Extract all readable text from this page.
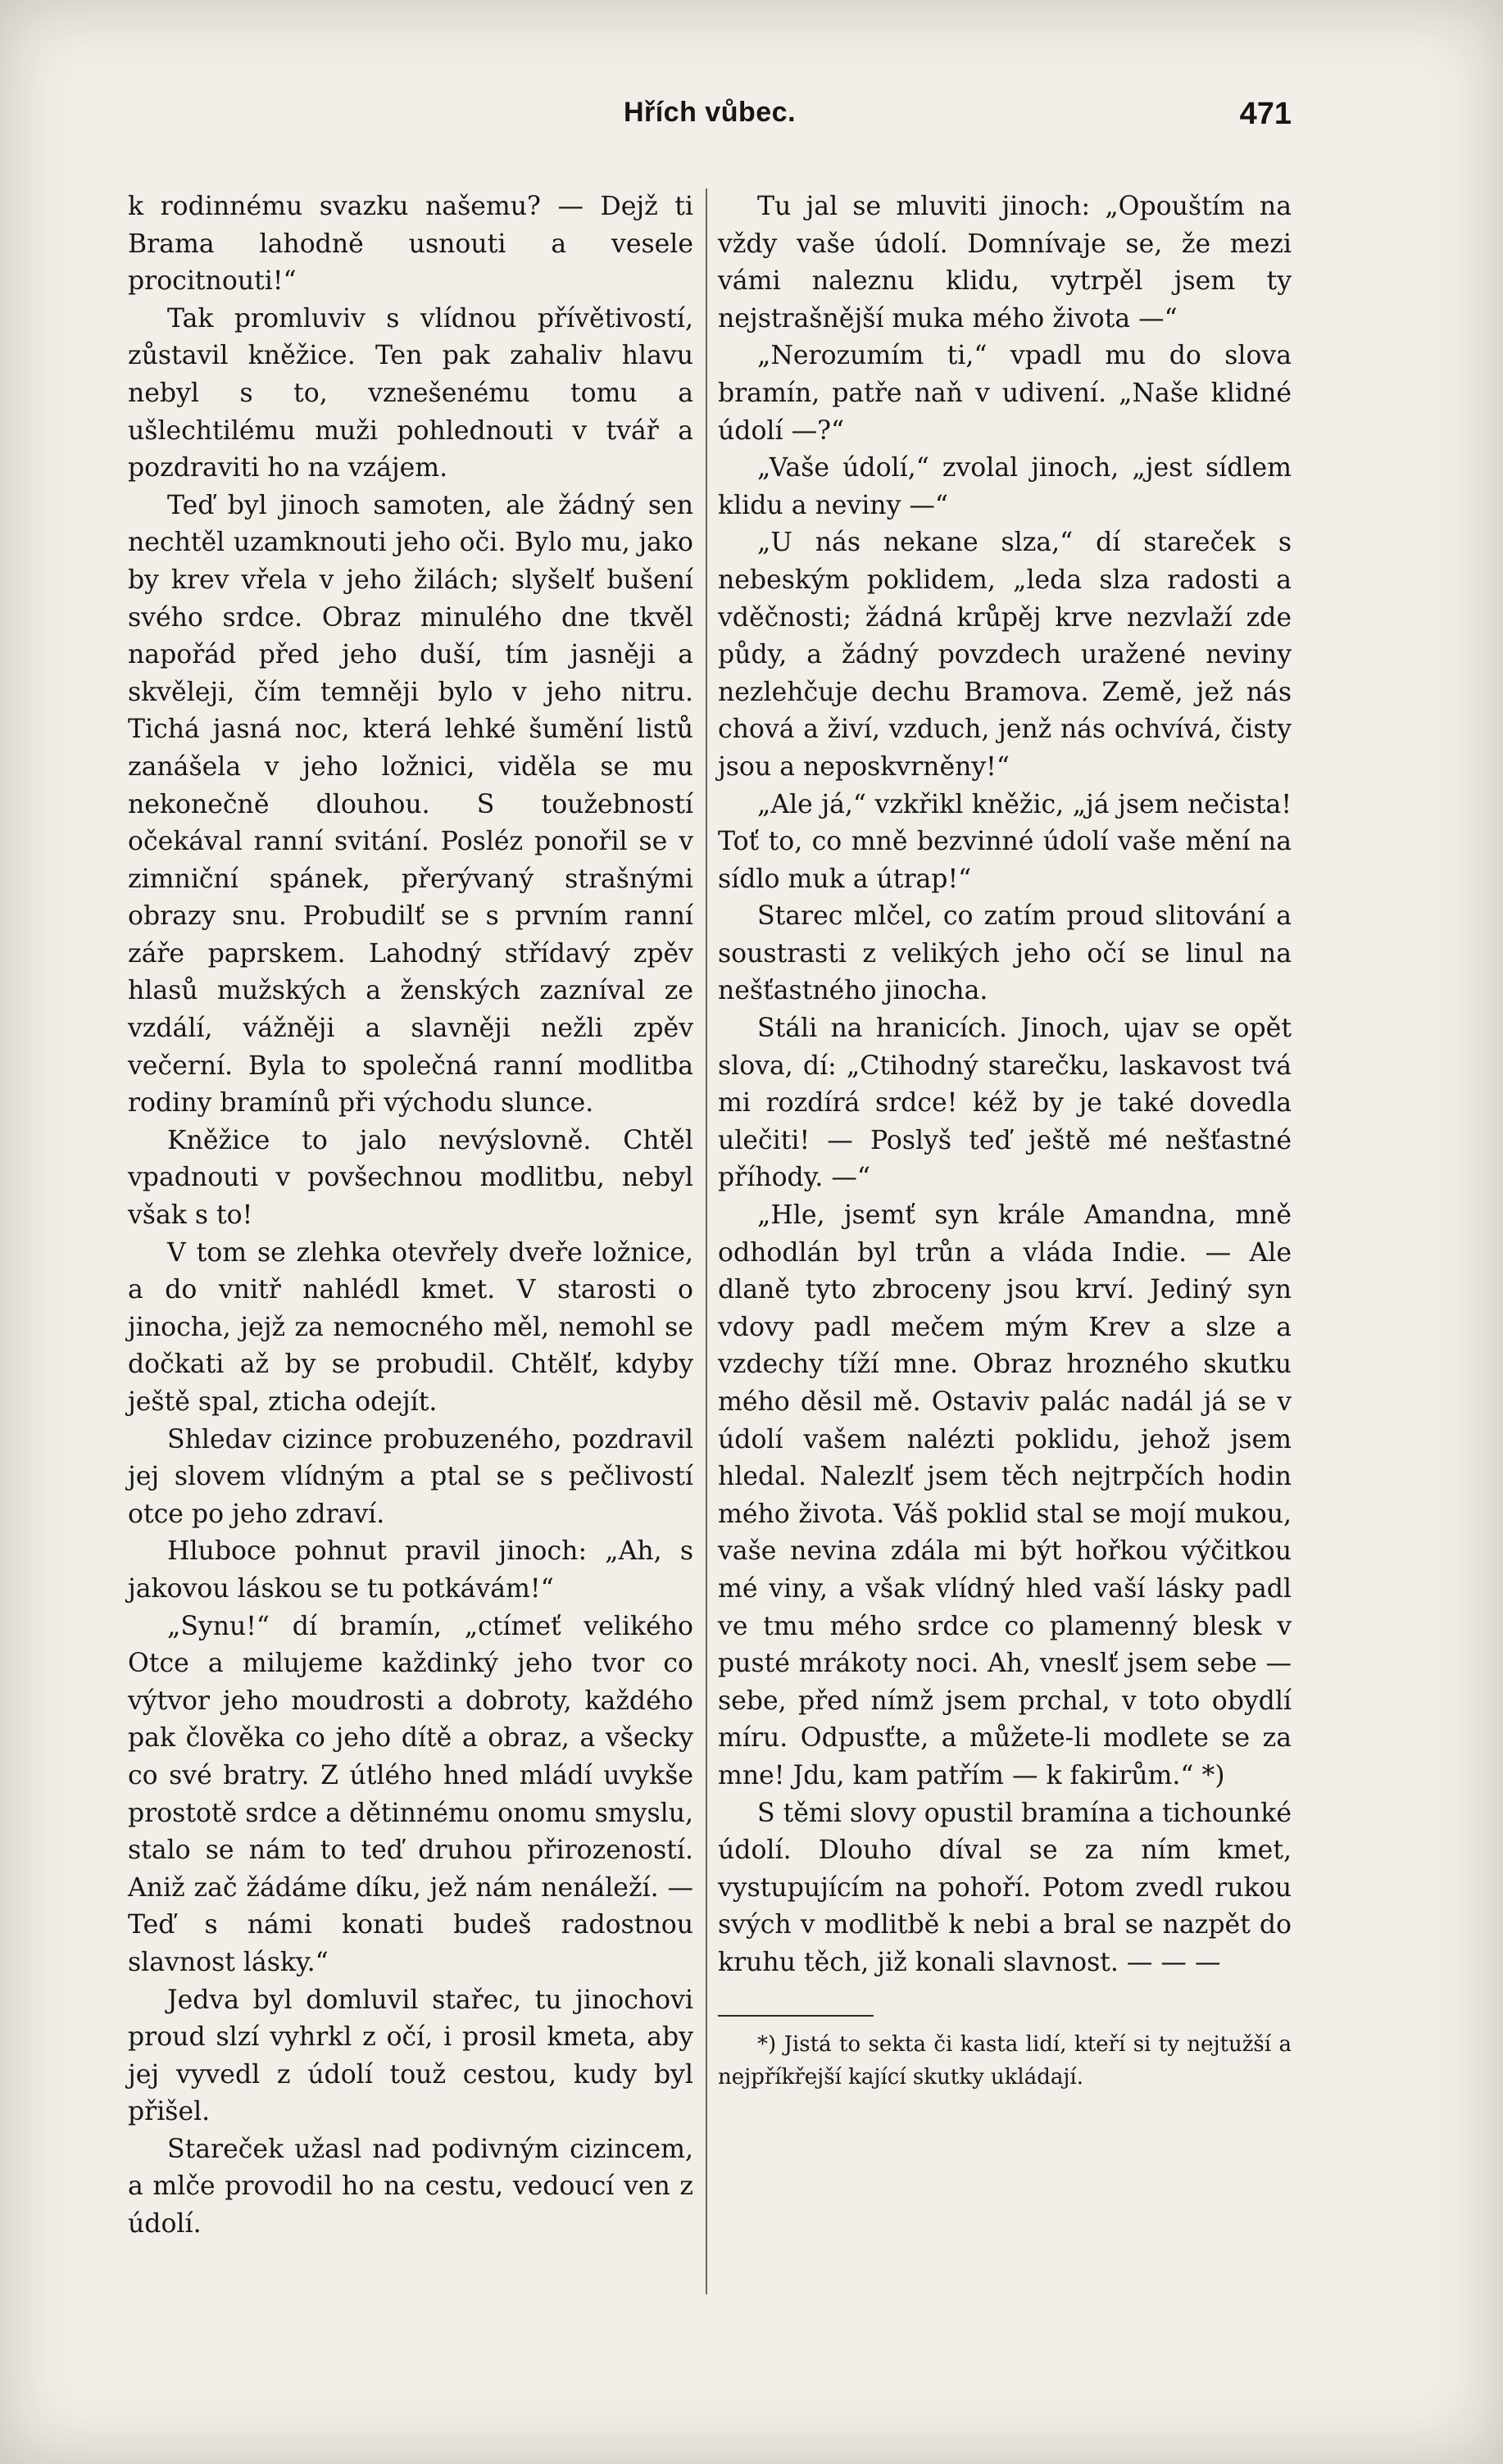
Hřích vůbec.	471

k rodinnému svazku našemu? — Dejž ti Brama lahodně usnouti a vesele procitnouti!“

Tak promluviv s vlídnou přívětivostí, zůstavil kněžice. Ten pak zahaliv hlavu nebyl s to, vznešenému tomu a ušlechtilému muži pohlednouti v tvář a pozdraviti ho na vzájem.

Teď byl jinoch samoten, ale žádný sen nechtěl uzamknouti jeho oči. Bylo mu, jako by krev vřela v jeho žilách; slyšelť bušení svého srdce. Obraz minulého dne tkvěl napořád před jeho duší, tím jasněji a skvěleji, čím temněji bylo v jeho nitru. Tichá jasná noc, která lehké šumění listů zanášela v jeho ložnici, viděla se mu nekonečně dlouhou. S toužebností očekával ranní svitání. Posléz ponořil se v zimniční spánek, přerývaný strašnými obrazy snu. Probudilť se s prvním ranní záře paprskem. Lahodný střídavý zpěv hlasů mužských a ženských zazníval ze vzdálí, vážněji a slavněji nežli zpěv večerní. Byla to společná ranní modlitba rodiny bramínů při východu slunce.

Kněžice to jalo nevýslovně. Chtěl vpadnouti v povšechnou modlitbu, nebyl však s to!

V tom se zlehka otevřely dveře ložnice, a do vnitř nahlédl kmet. V starosti o jinocha, jejž za nemocného měl, nemohl se dočkati až by se probudil. Chtělť, kdyby ještě spal, zticha odejít.

Shledav cizince probuzeného, pozdravil jej slovem vlídným a ptal se s pečlivostí otce po jeho zdraví.

Hluboce pohnut pravil jinoch: „Ah, s jakovou láskou se tu potkávám!“

„Synu!“ dí bramín, „ctímeť velikého Otce a milujeme každinký jeho tvor co výtvor jeho moudrosti a dobroty, každého pak člověka co jeho dítě a obraz, a všecky co své bratry. Z útlého hned mládí uvykše prostotě srdce a dětinnému onomu smyslu, stalo se nám to teď druhou přirozeností. Aniž zač žádáme díku, jež nám nenáleží. — Teď s námi konati budeš radostnou slavnost lásky.“

Jedva byl domluvil stařec, tu jinochovi proud slzí vyhrkl z očí, i prosil kmeta, aby jej vyvedl z údolí touž cestou, kudy byl přišel.

Stareček užasl nad podivným cizincem, a mlče provodil ho na cestu, vedoucí ven z údolí.

Tu jal se mluviti jinoch: „Opouštím na vždy vaše údolí. Domnívaje se, že mezi vámi naleznu klidu, vytrpěl jsem ty nejstrašnější muka mého života —“

„Nerozumím ti,“ vpadl mu do slova bramín, patře naň v udivení. „Naše klidné údolí —?“

„Vaše údolí,“ zvolal jinoch, „jest sídlem klidu a neviny —“

„U nás nekane slza,“ dí stareček s nebeským poklidem, „leda slza radosti a vděčnosti; žádná krůpěj krve nezvlaží zde půdy, a žádný povzdech uražené neviny nezlehčuje dechu Bramova. Země, jež nás chová a živí, vzduch, jenž nás ochvívá, čisty jsou a neposkvrněny!“

„Ale já,“ vzkřikl kněžic, „já jsem nečista! Toť to, co mně bezvinné údolí vaše mění na sídlo muk a útrap!“

Starec mlčel, co zatím proud slitování a soustrasti z velikých jeho očí se linul na nešťastného jinocha.

Stáli na hranicích. Jinoch, ujav se opět slova, dí: „Ctihodný starečku, laskavost tvá mi rozdírá srdce! kéž by je také dovedla ulečiti! — Poslyš teď ještě mé nešťastné příhody. —“

„Hle, jsemť syn krále Amandna, mně odhodlán byl trůn a vláda Indie. — Ale dlaně tyto zbroceny jsou krví. Jediný syn vdovy padl mečem mým Krev a slze a vzdechy tíží mne. Obraz hrozného skutku mého děsil mě. Ostaviv palác nadál já se v údolí vašem nalézti poklidu, jehož jsem hledal. Nalezlť jsem těch nejtrpčích hodin mého života. Váš poklid stal se mojí mukou, vaše nevina zdála mi být hořkou výčitkou mé viny, a však vlídný hled vaší lásky padl ve tmu mého srdce co plamenný blesk v pusté mrákoty noci. Ah, vneslť jsem sebe — sebe, před nímž jsem prchal, v toto obydlí míru. Odpusťte, a můžete-li modlete se za mne! Jdu, kam patřím — k fakirům.“ *)

S těmi slovy opustil bramína a tichounké údolí. Dlouho díval se za ním kmet, vystupujícím na pohoří. Potom zvedl rukou svých v modlitbě k nebi a bral se nazpět do kruhu těch, již konali slavnost. — — —

*) Jistá to sekta či kasta lidí, kteří si ty nejtužší a nejpříkřejší kající skutky ukládají.
